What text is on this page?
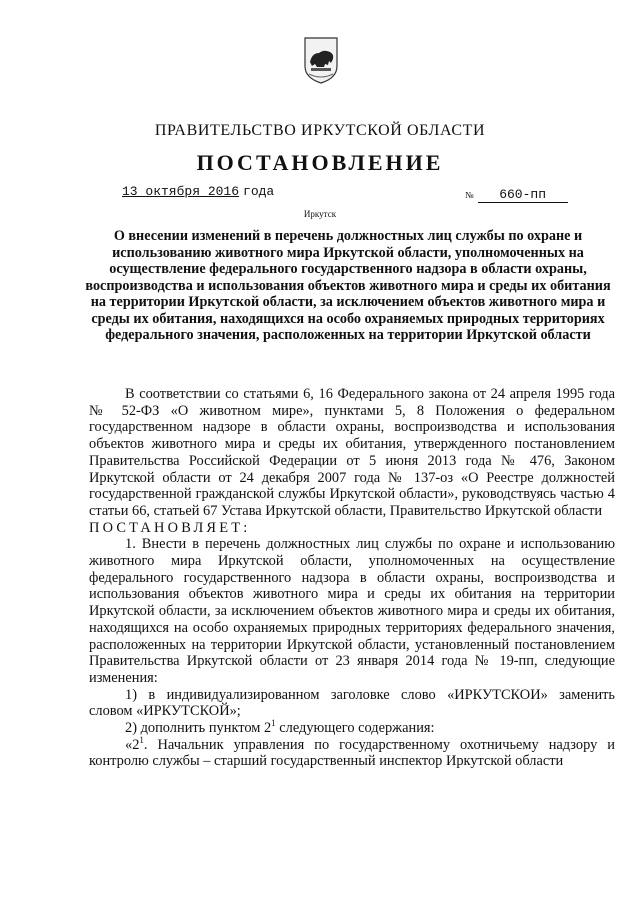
ПРАВИТЕЛЬСТВО ИРКУТСКОЙ ОБЛАСТИ
ПОСТАНОВЛЕНИЕ
13 октября 2016 года	№ 660-пп
Иркутск
О внесении изменений в перечень должностных лиц службы по охране и использованию животного мира Иркутской области, уполномоченных на осуществление федерального государственного надзора в области охраны, воспроизводства и использования объектов животного мира и среды их обитания на территории Иркутской области, за исключением объектов животного мира и среды их обитания, находящихся на особо охраняемых природных территориях федерального значения, расположенных на территории Иркутской области

В соответствии со статьями 6, 16 Федерального закона от 24 апреля 1995 года № 52-ФЗ «О животном мире», пунктами 5, 8 Положения о федеральном государственном надзоре в области охраны, воспроизводства и использования объектов животного мира и среды их обитания, утвержденного постановлением Правительства Российской Федерации от 5 июня 2013 года № 476, Законом Иркутской области от 24 декабря 2007 года № 137-оз «О Реестре должностей государственной гражданской службы Иркутской области», руководствуясь частью 4 статьи 66, статьей 67 Устава Иркутской области, Правительство Иркутской области

ПОСТАНОВЛЯЕТ:

1. Внести в перечень должностных лиц службы по охране и использованию животного мира Иркутской области, уполномоченных на осуществление федерального государственного надзора в области охраны, воспроизводства и использования объектов животного мира и среды их обитания на территории Иркутской области, за исключением объектов животного мира и среды их обитания, находящихся на особо охраняемых природных территориях федерального значения, расположенных на территории Иркутской области, установленный постановлением Правительства Иркутской области от 23 января 2014 года № 19-пп, следующие изменения:

1) в индивидуализированном заголовке слово «ИРКУТСКОИ» заменить словом «ИРКУТСКОЙ»;

2) дополнить пунктом $2^1$ следующего содержания:

«$2^1$. Начальник управления по государственному охотничьему надзору и контролю службы – старший государственный инспектор Иркутской области
